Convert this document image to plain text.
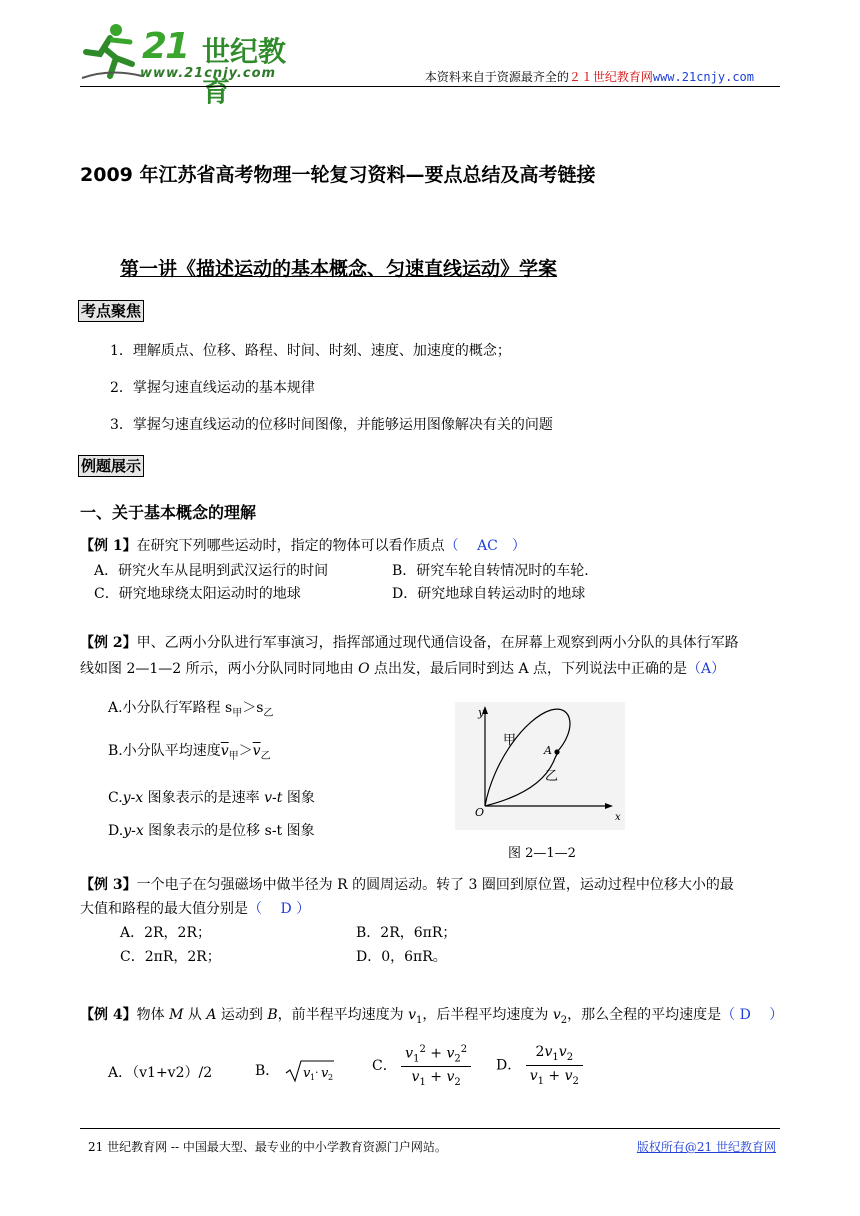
21 世纪教育
www.21cnjy.com	本资料来自于资源最齐全的２１世纪教育网www.21cnjy.com
2009 年江苏省高考物理一轮复习资料—要点总结及高考链接
第一讲《描述运动的基本概念、匀速直线运动》学案
考点聚焦
1．理解质点、位移、路程、时间、时刻、速度、加速度的概念；
2．掌握匀速直线运动的基本规律
3．掌握匀速直线运动的位移时间图像，并能够运用图像解决有关的问题
例题展示
一、关于基本概念的理解
【例 1】在研究下列哪些运动时，指定的物体可以看作质点（　 AC　）
A．研究火车从昆明到武汉运行的时间	B．研究车轮自转情况时的车轮.
C．研究地球绕太阳运动时的地球	D．研究地球自转运动时的地球
【例 2】甲、乙两小分队进行军事演习，指挥部通过现代通信设备，在屏幕上观察到两小分队的具体行军路
线如图 2—1—2 所示，两小分队同时同地由 O 点出发，最后同时到达 A 点，下列说法中正确的是（A）
A.小分队行军路程 $s_甲>s_乙$
B.小分队平均速度$\overline{v}_甲>\overline{v}_乙$
C.y-x 图象表示的是速率 v-t 图象
D.y-x 图象表示的是位移 s-t 图象
y
x
O
A
甲
乙
图 2—1—2
【例 3】一个电子在匀强磁场中做半径为 R 的圆周运动。转了 3 圈回到原位置，运动过程中位移大小的最
大值和路程的最大值分别是（　 D ）
A．2R，2R；	B．2R，6πR；
C．2πR，2R；	D．0，6πR。
【例 4】物体 M 从 A 运动到 B，前半程平均速度为 $v_1$，后半程平均速度为 $v_2$，那么全程的平均速度是（ D　 ）
A．（v1+v2）/2	B． v 1 · v 2
C． $\frac{v_1^2 + v_2^2}{v_1 + v_2}$ D． $\frac{2v_1v_2}{v_1 + v_2}$
21 世纪教育网 -- 中国最大型、最专业的中小学教育资源门户网站。	版权所有@21 世纪教育网
